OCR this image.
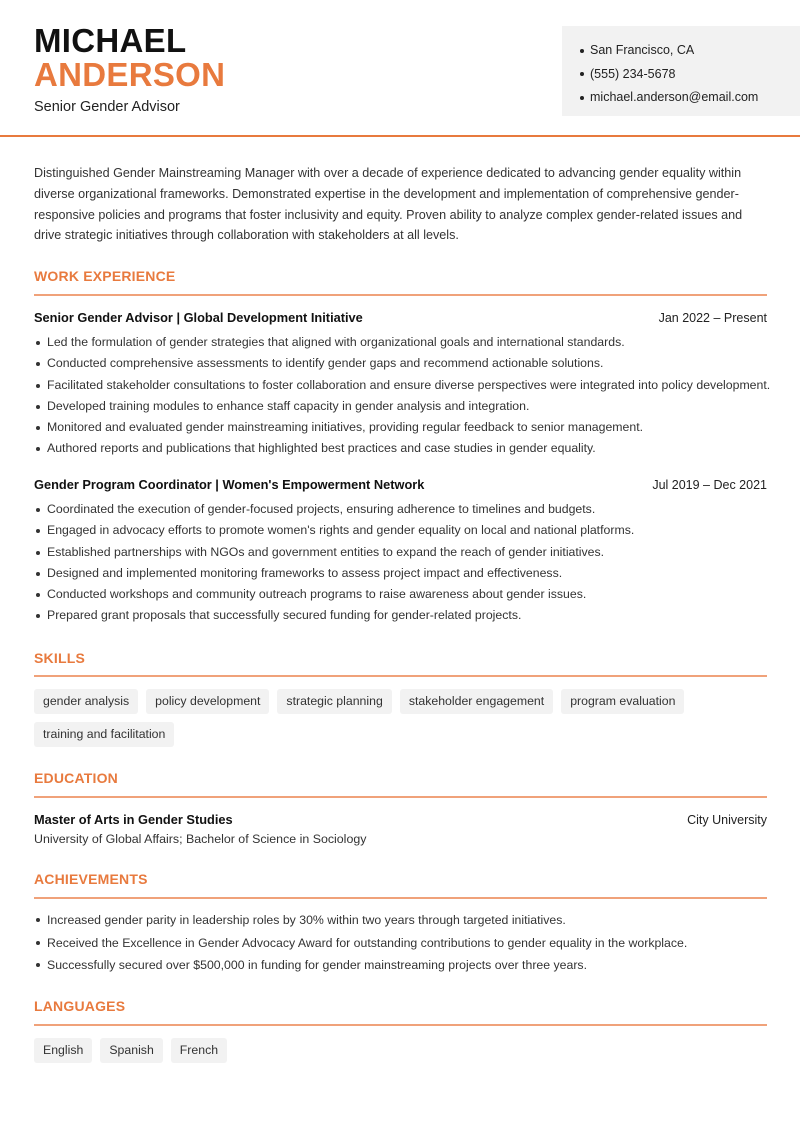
MICHAEL
ANDERSON
Senior Gender Advisor
San Francisco, CA
(555) 234-5678
michael.anderson@email.com

Distinguished Gender Mainstreaming Manager with over a decade of experience dedicated to advancing gender equality within diverse organizational frameworks. Demonstrated expertise in the development and implementation of comprehensive gender-responsive policies and programs that foster inclusivity and equity. Proven ability to analyze complex gender-related issues and drive strategic initiatives through collaboration with stakeholders at all levels.

WORK EXPERIENCE
Senior Gender Advisor | Global Development Initiative	Jan 2022 – Present
Led the formulation of gender strategies that aligned with organizational goals and international standards.
Conducted comprehensive assessments to identify gender gaps and recommend actionable solutions.
Facilitated stakeholder consultations to foster collaboration and ensure diverse perspectives were integrated into policy development.
Developed training modules to enhance staff capacity in gender analysis and integration.
Monitored and evaluated gender mainstreaming initiatives, providing regular feedback to senior management.
Authored reports and publications that highlighted best practices and case studies in gender equality.
Gender Program Coordinator | Women's Empowerment Network	Jul 2019 – Dec 2021
Coordinated the execution of gender-focused projects, ensuring adherence to timelines and budgets.
Engaged in advocacy efforts to promote women's rights and gender equality on local and national platforms.
Established partnerships with NGOs and government entities to expand the reach of gender initiatives.
Designed and implemented monitoring frameworks to assess project impact and effectiveness.
Conducted workshops and community outreach programs to raise awareness about gender issues.
Prepared grant proposals that successfully secured funding for gender-related projects.
SKILLS
gender analysis	policy development	strategic planning	stakeholder engagement	program evaluation
training and facilitation
EDUCATION
Master of Arts in Gender Studies	City University
University of Global Affairs; Bachelor of Science in Sociology
ACHIEVEMENTS
Increased gender parity in leadership roles by 30% within two years through targeted initiatives.
Received the Excellence in Gender Advocacy Award for outstanding contributions to gender equality in the workplace.
Successfully secured over $500,000 in funding for gender mainstreaming projects over three years.
LANGUAGES
English	Spanish	French
